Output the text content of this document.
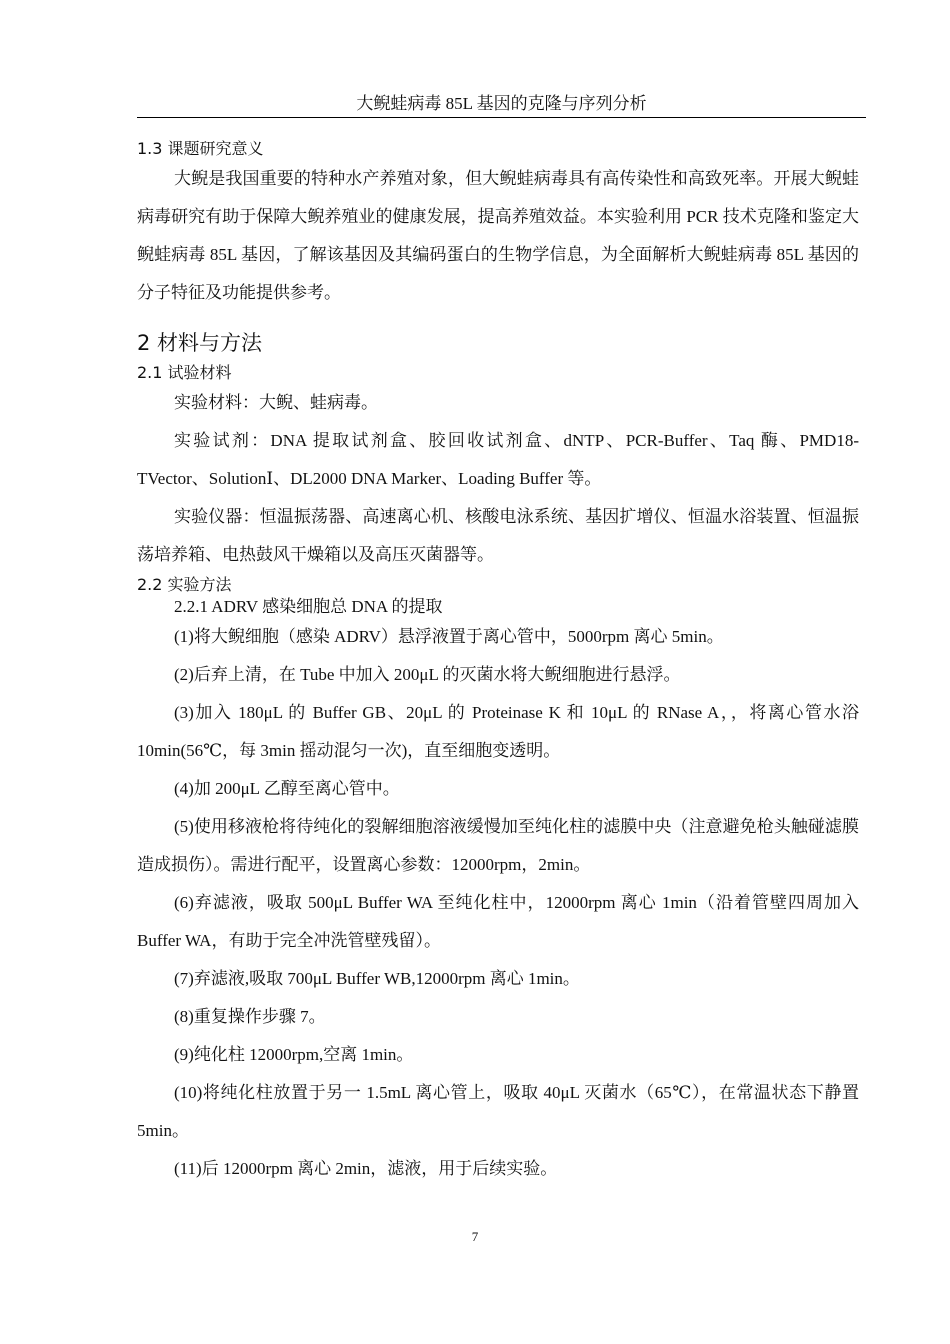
大鲵蛙病毒 85L 基因的克隆与序列分析
1.3 课题研究意义

大鲵是我国重要的特种水产养殖对象，但大鲵蛙病毒具有高传染性和高致死率。开展大鲵蛙病毒研究有助于保障大鲵养殖业的健康发展，提高养殖效益。本实验利用 PCR 技术克隆和鉴定大鲵蛙病毒 85L 基因，了解该基因及其编码蛋白的生物学信息，为全面解析大鲵蛙病毒 85L 基因的分子特征及功能提供参考。

2 材料与方法
2.1 试验材料

实验材料：大鲵、蛙病毒。

实验试剂：DNA 提取试剂盒、胶回收试剂盒、dNTP、PCR-Buffer、Taq 酶、PMD18-TVector、SolutionⅠ、DL2000 DNA Marker、Loading Buffer 等。

实验仪器：恒温振荡器、高速离心机、核酸电泳系统、基因扩增仪、恒温水浴装置、恒温振荡培养箱、电热鼓风干燥箱以及高压灭菌器等。

2.2 实验方法
2.2.1 ADRV 感染细胞总 DNA 的提取

(1)将大鲵细胞（感染 ADRV）悬浮液置于离心管中，5000rpm 离心 5min。

(2)后弃上清，在 Tube 中加入 200μL 的灭菌水将大鲵细胞进行悬浮。

(3)加入 180μL 的 Buffer GB、20μL 的 Proteinase K 和 10μL 的 RNase A，，将离心管水浴 10min(56℃，每 3min 摇动混匀一次)，直至细胞变透明。

(4)加 200μL 乙醇至离心管中。

(5)使用移液枪将待纯化的裂解细胞溶液缓慢加至纯化柱的滤膜中央（注意避免枪头触碰滤膜造成损伤）。需进行配平，设置离心参数：12000rpm，2min。

(6)弃滤液，吸取 500μL Buffer WA 至纯化柱中，12000rpm 离心 1min（沿着管壁四周加入 Buffer WA，有助于完全冲洗管壁残留）。

(7)弃滤液,吸取 700μL Buffer WB,12000rpm 离心 1min。

(8)重复操作步骤 7。

(9)纯化柱 12000rpm,空离 1min。

(10)将纯化柱放置于另一 1.5mL 离心管上，吸取 40μL 灭菌水（65℃），在常温状态下静置 5min。

(11)后 12000rpm 离心 2min，滤液，用于后续实验。

7
